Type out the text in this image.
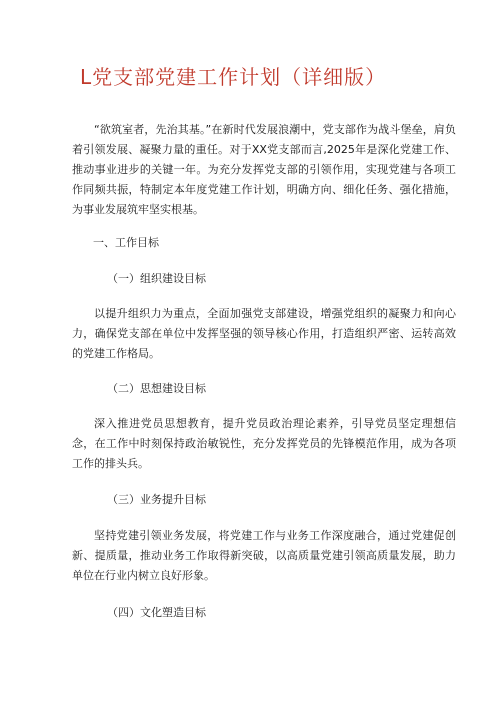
L党支部党建工作计划（详细版）

“欲筑室者，先治其基。”在新时代发展浪潮中，党支部作为战斗堡垒，肩负着引领发展、凝聚力量的重任。对于XX党支部而言,2025年是深化党建工作、推动事业进步的关键一年。为充分发挥党支部的引领作用，实现党建与各项工作同频共振，特制定本年度党建工作计划，明确方向、细化任务、强化措施，为事业发展筑牢坚实根基。

一、工作目标
（一）组织建设目标

以提升组织力为重点，全面加强党支部建设，增强党组织的凝聚力和向心力，确保党支部在单位中发挥坚强的领导核心作用，打造组织严密、运转高效的党建工作格局。

（二）思想建设目标

深入推进党员思想教育，提升党员政治理论素养，引导党员坚定理想信念，在工作中时刻保持政治敏锐性，充分发挥党员的先锋模范作用，成为各项工作的排头兵。

（三）业务提升目标

坚持党建引领业务发展，将党建工作与业务工作深度融合，通过党建促创新、提质量，推动业务工作取得新突破，以高质量党建引领高质量发展，助力单位在行业内树立良好形象。

（四）文化塑造目标
